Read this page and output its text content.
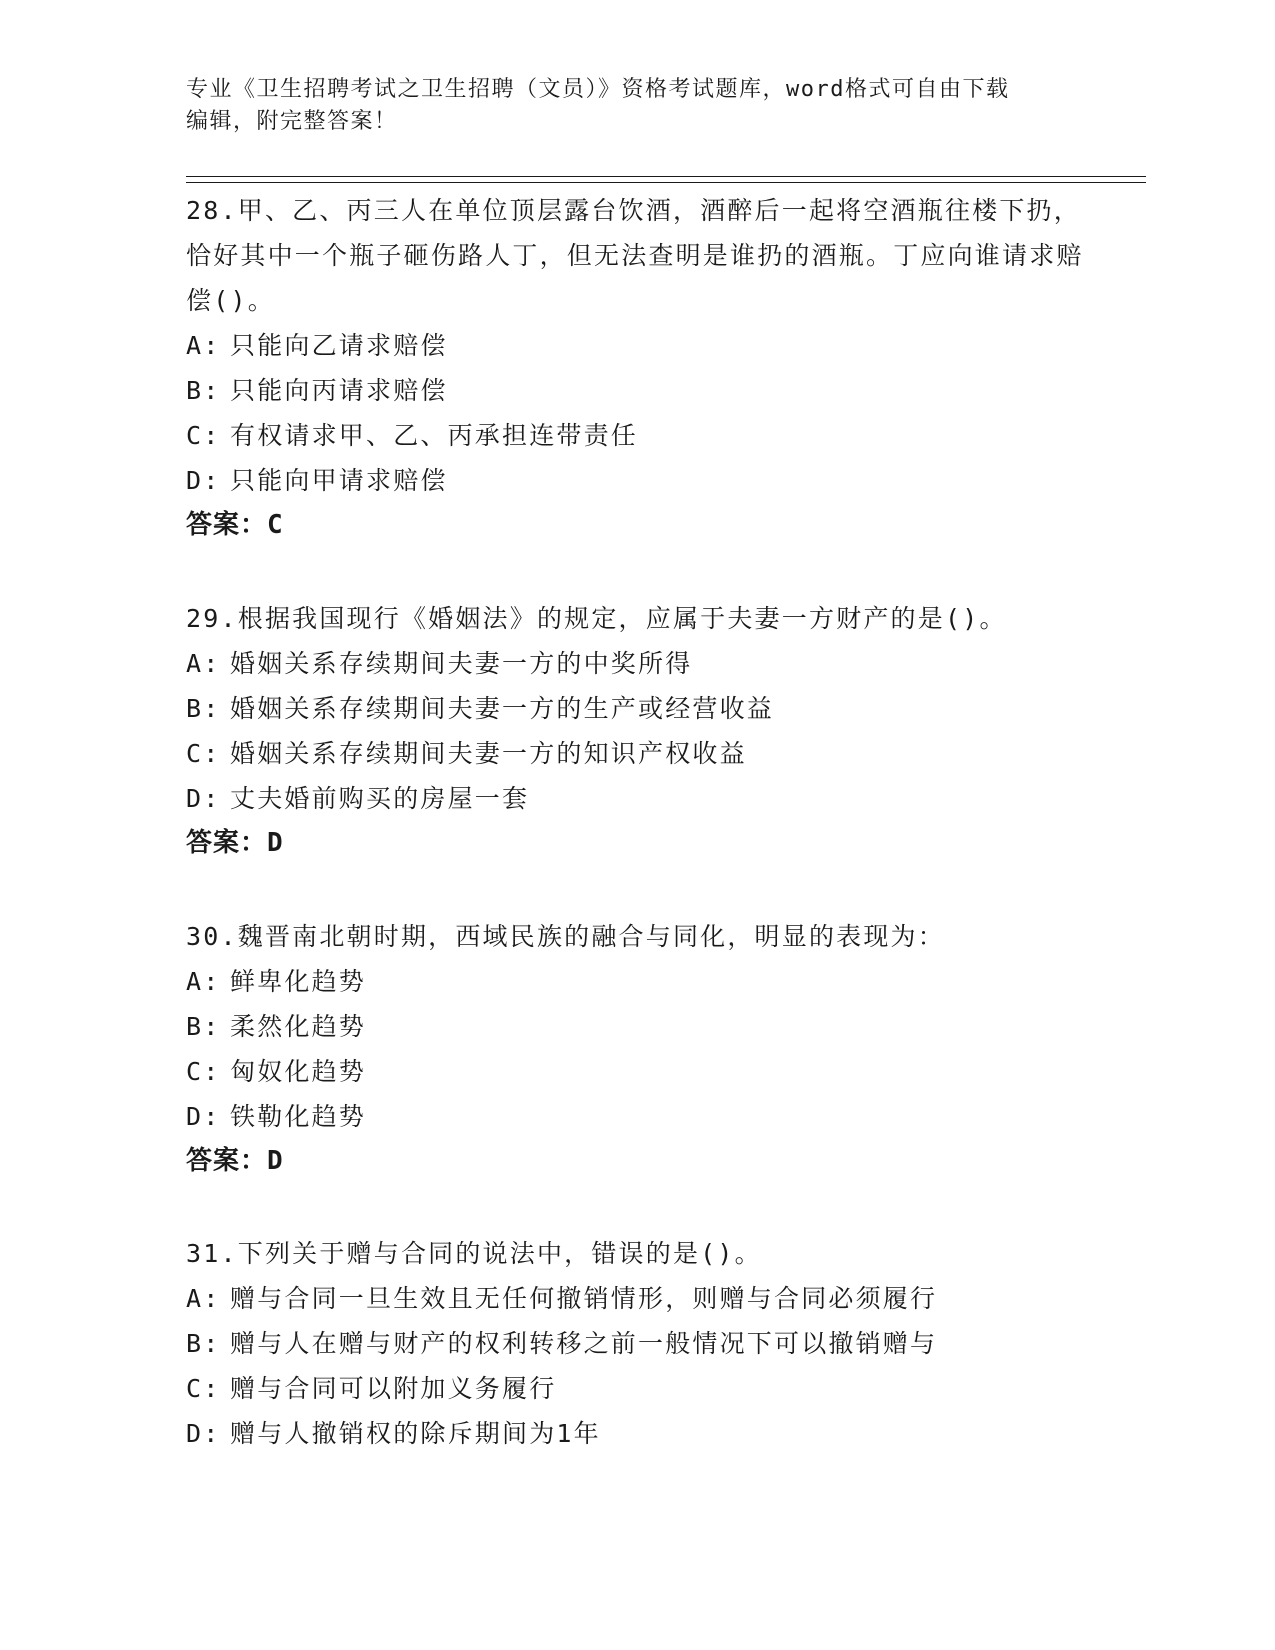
专业《卫生招聘考试之卫生招聘（文员）》资格考试题库，word格式可自由下载
编辑，附完整答案！

28.甲、乙、丙三人在单位顶层露台饮酒，酒醉后一起将空酒瓶往楼下扔，恰好其中一个瓶子砸伤路人丁，但无法查明是谁扔的酒瓶。丁应向谁请求赔偿()。

A: 只能向乙请求赔偿

B: 只能向丙请求赔偿

C: 有权请求甲、乙、丙承担连带责任

D: 只能向甲请求赔偿

答案：C

29.根据我国现行《婚姻法》的规定，应属于夫妻一方财产的是()。

A: 婚姻关系存续期间夫妻一方的中奖所得

B: 婚姻关系存续期间夫妻一方的生产或经营收益

C: 婚姻关系存续期间夫妻一方的知识产权收益

D: 丈夫婚前购买的房屋一套

答案：D

30.魏晋南北朝时期，西域民族的融合与同化，明显的表现为：

A: 鲜卑化趋势

B: 柔然化趋势

C: 匈奴化趋势

D: 铁勒化趋势

答案：D

31.下列关于赠与合同的说法中，错误的是()。

A: 赠与合同一旦生效且无任何撤销情形，则赠与合同必须履行

B: 赠与人在赠与财产的权利转移之前一般情况下可以撤销赠与

C: 赠与合同可以附加义务履行

D: 赠与人撤销权的除斥期间为1年
